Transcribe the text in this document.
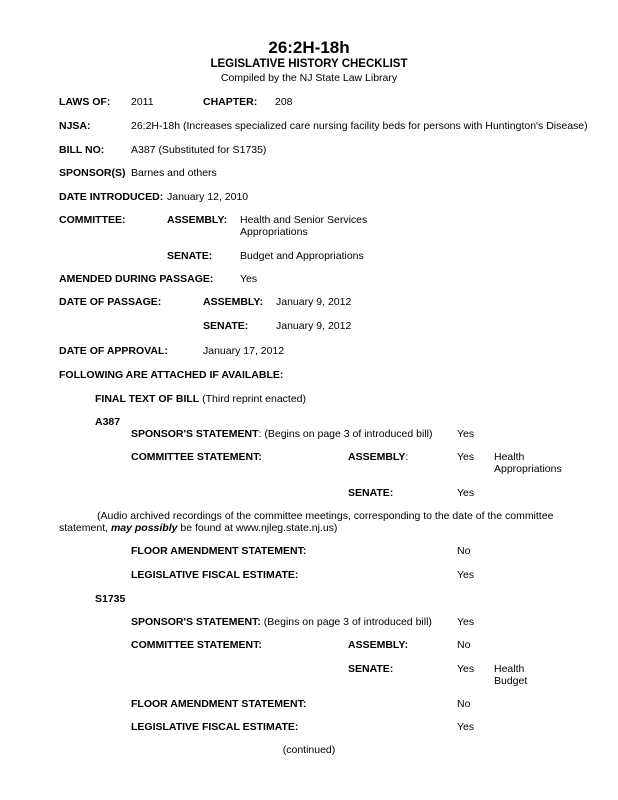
26:2H-18h
LEGISLATIVE HISTORY CHECKLIST
Compiled by the NJ State Law Library
LAWS OF: 2011	CHAPTER: 208
NJSA:	26:2H-18h (Increases specialized care nursing facility beds for persons with Huntington's Disease)
BILL NO:	A387 (Substituted for S1735)
SPONSOR(S) Barnes and others
DATE INTRODUCED: January 12, 2010
COMMITTEE:	ASSEMBLY: Health and Senior Services
Appropriations
SENATE:	Budget and Appropriations
AMENDED DURING PASSAGE:	Yes
DATE OF PASSAGE:	ASSEMBLY: January 9, 2012
SENATE:	January 9, 2012
DATE OF APPROVAL:	January 17, 2012
FOLLOWING ARE ATTACHED IF AVAILABLE:
FINAL TEXT OF BILL (Third reprint enacted)
A387
SPONSOR'S STATEMENT: (Begins on page 3 of introduced bill) Yes
COMMITTEE STATEMENT:	ASSEMBLY:	Yes Health
Appropriations
SENATE:	Yes
(Audio archived recordings of the committee meetings, corresponding to the date of the committee statement, may possibly be found at www.njleg.state.nj.us)
FLOOR AMENDMENT STATEMENT:	No
LEGISLATIVE FISCAL ESTIMATE:	Yes
S1735
SPONSOR'S STATEMENT: (Begins on page 3 of introduced bill) Yes
COMMITTEE STATEMENT:	ASSEMBLY:	No
SENATE:	Yes Health
Budget
FLOOR AMENDMENT STATEMENT:	No
LEGISLATIVE FISCAL ESTIMATE:	Yes
(continued)
